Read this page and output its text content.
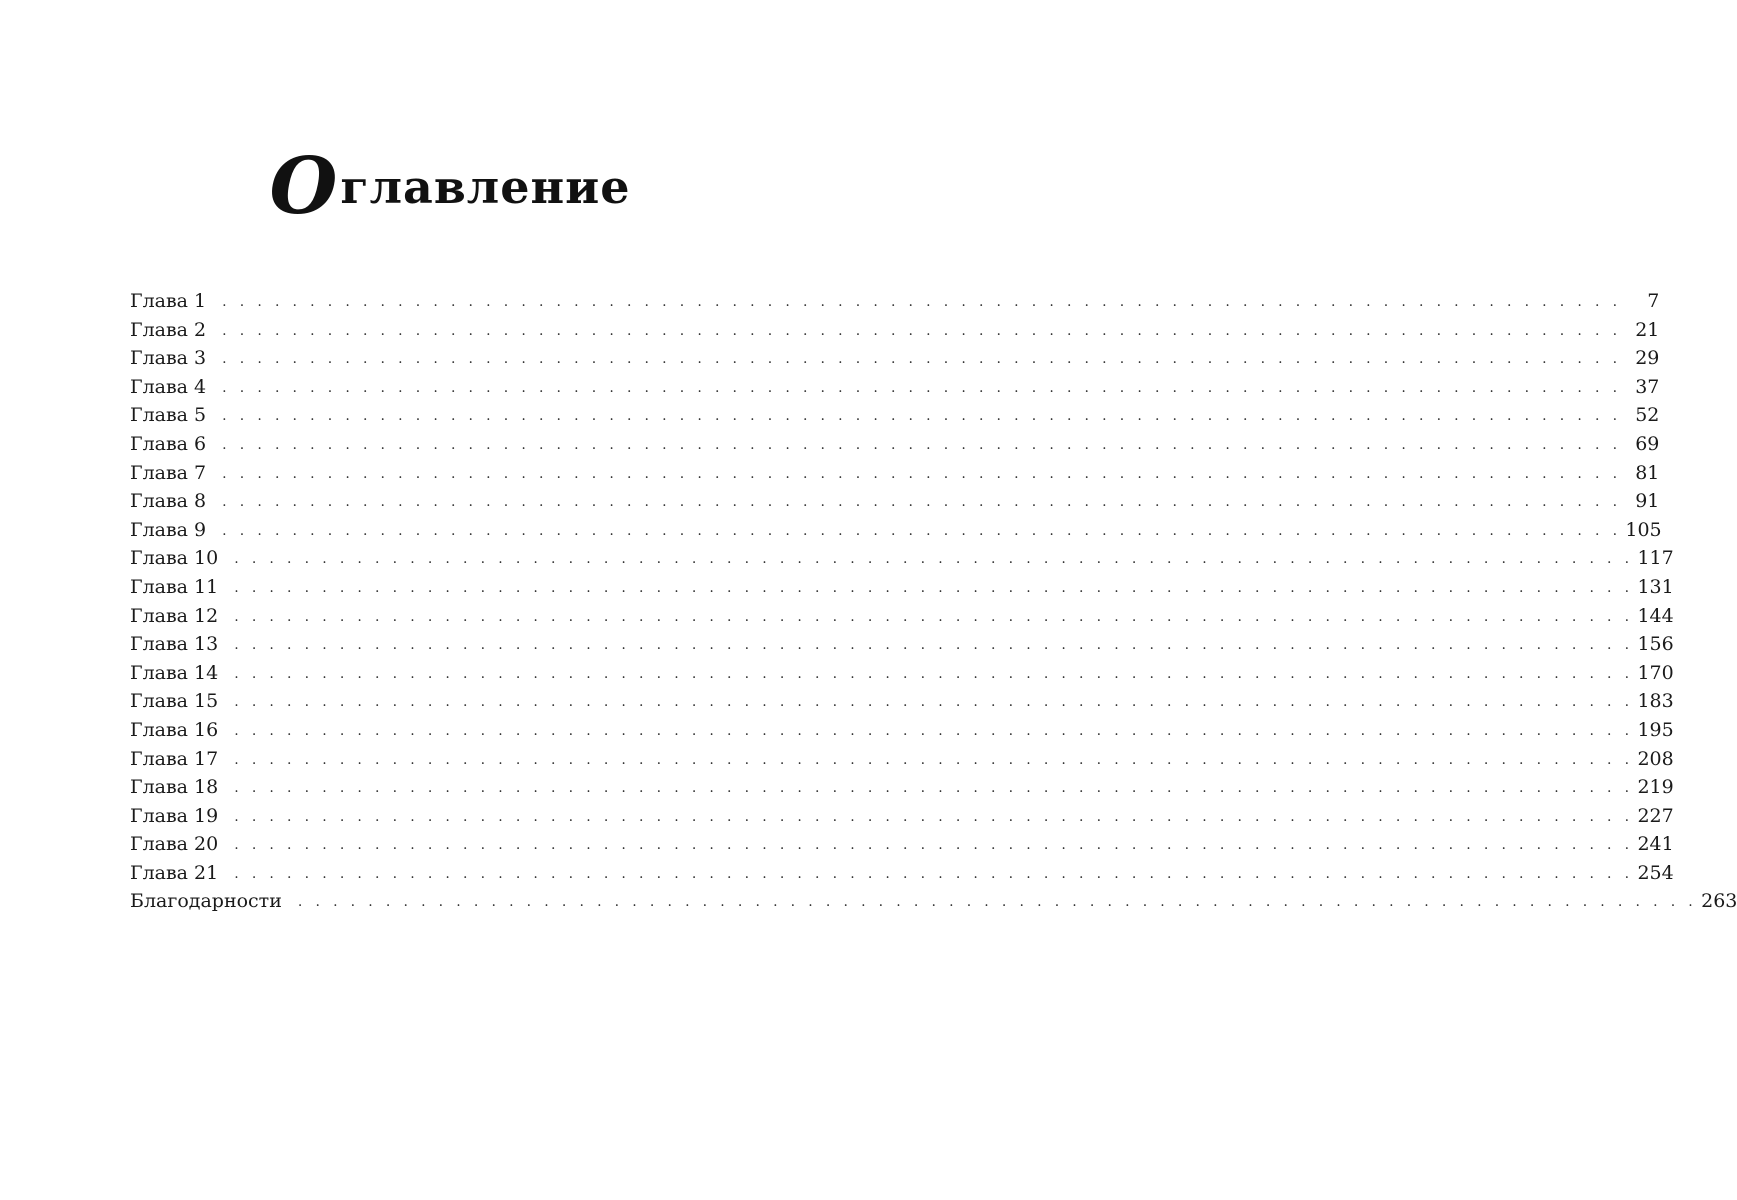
Оглавление
Глава 1 . . . . . . . . . . . . . . . . . . . . . . . . . . . . . . . . . . . . . . . . . . . . . . . . . . . . . . . . . . . . . . . . . . . . . . . . . . . . . . . .	7
Глава 2 . . . . . . . . . . . . . . . . . . . . . . . . . . . . . . . . . . . . . . . . . . . . . . . . . . . . . . . . . . . . . . . . . . . . . . . . . . . . . . . . 21
Глава 3 . . . . . . . . . . . . . . . . . . . . . . . . . . . . . . . . . . . . . . . . . . . . . . . . . . . . . . . . . . . . . . . . . . . . . . . . . . . . . . . . 29
Глава 4 . . . . . . . . . . . . . . . . . . . . . . . . . . . . . . . . . . . . . . . . . . . . . . . . . . . . . . . . . . . . . . . . . . . . . . . . . . . . . . . . 37
Глава 5 . . . . . . . . . . . . . . . . . . . . . . . . . . . . . . . . . . . . . . . . . . . . . . . . . . . . . . . . . . . . . . . . . . . . . . . . . . . . . . . . 52
Глава 6 . . . . . . . . . . . . . . . . . . . . . . . . . . . . . . . . . . . . . . . . . . . . . . . . . . . . . . . . . . . . . . . . . . . . . . . . . . . . . . . . 69
Глава 7 . . . . . . . . . . . . . . . . . . . . . . . . . . . . . . . . . . . . . . . . . . . . . . . . . . . . . . . . . . . . . . . . . . . . . . . . . . . . . . . . 81
Глава 8 . . . . . . . . . . . . . . . . . . . . . . . . . . . . . . . . . . . . . . . . . . . . . . . . . . . . . . . . . . . . . . . . . . . . . . . . . . . . . . . . 91
Глава 9 . . . . . . . . . . . . . . . . . . . . . . . . . . . . . . . . . . . . . . . . . . . . . . . . . . . . . . . . . . . . . . . . . . . . . . . . . . . . . . . . 105
Глава 10 . . . . . . . . . . . . . . . . . . . . . . . . . . . . . . . . . . . . . . . . . . . . . . . . . . . . . . . . . . . . . . . . . . . . . . . . . . . . . . . . 117
Глава 11 . . . . . . . . . . . . . . . . . . . . . . . . . . . . . . . . . . . . . . . . . . . . . . . . . . . . . . . . . . . . . . . . . . . . . . . . . . . . . . . . 131
Глава 12 . . . . . . . . . . . . . . . . . . . . . . . . . . . . . . . . . . . . . . . . . . . . . . . . . . . . . . . . . . . . . . . . . . . . . . . . . . . . . . . . 144
Глава 13 . . . . . . . . . . . . . . . . . . . . . . . . . . . . . . . . . . . . . . . . . . . . . . . . . . . . . . . . . . . . . . . . . . . . . . . . . . . . . . . . 156
Глава 14 . . . . . . . . . . . . . . . . . . . . . . . . . . . . . . . . . . . . . . . . . . . . . . . . . . . . . . . . . . . . . . . . . . . . . . . . . . . . . . . . 170
Глава 15 . . . . . . . . . . . . . . . . . . . . . . . . . . . . . . . . . . . . . . . . . . . . . . . . . . . . . . . . . . . . . . . . . . . . . . . . . . . . . . . . 183
Глава 16 . . . . . . . . . . . . . . . . . . . . . . . . . . . . . . . . . . . . . . . . . . . . . . . . . . . . . . . . . . . . . . . . . . . . . . . . . . . . . . . . 195
Глава 17 . . . . . . . . . . . . . . . . . . . . . . . . . . . . . . . . . . . . . . . . . . . . . . . . . . . . . . . . . . . . . . . . . . . . . . . . . . . . . . . . 208
Глава 18 . . . . . . . . . . . . . . . . . . . . . . . . . . . . . . . . . . . . . . . . . . . . . . . . . . . . . . . . . . . . . . . . . . . . . . . . . . . . . . . . 219
Глава 19 . . . . . . . . . . . . . . . . . . . . . . . . . . . . . . . . . . . . . . . . . . . . . . . . . . . . . . . . . . . . . . . . . . . . . . . . . . . . . . . . 227
Глава 20 . . . . . . . . . . . . . . . . . . . . . . . . . . . . . . . . . . . . . . . . . . . . . . . . . . . . . . . . . . . . . . . . . . . . . . . . . . . . . . . . 241
Глава 21 . . . . . . . . . . . . . . . . . . . . . . . . . . . . . . . . . . . . . . . . . . . . . . . . . . . . . . . . . . . . . . . . . . . . . . . . . . . . . . . . 254
Благодарности . . . . . . . . . . . . . . . . . . . . . . . . . . . . . . . . . . . . . . . . . . . . . . . . . . . . . . . . . . . . . . . . . . . . . . . . . . . . . . . . 263
